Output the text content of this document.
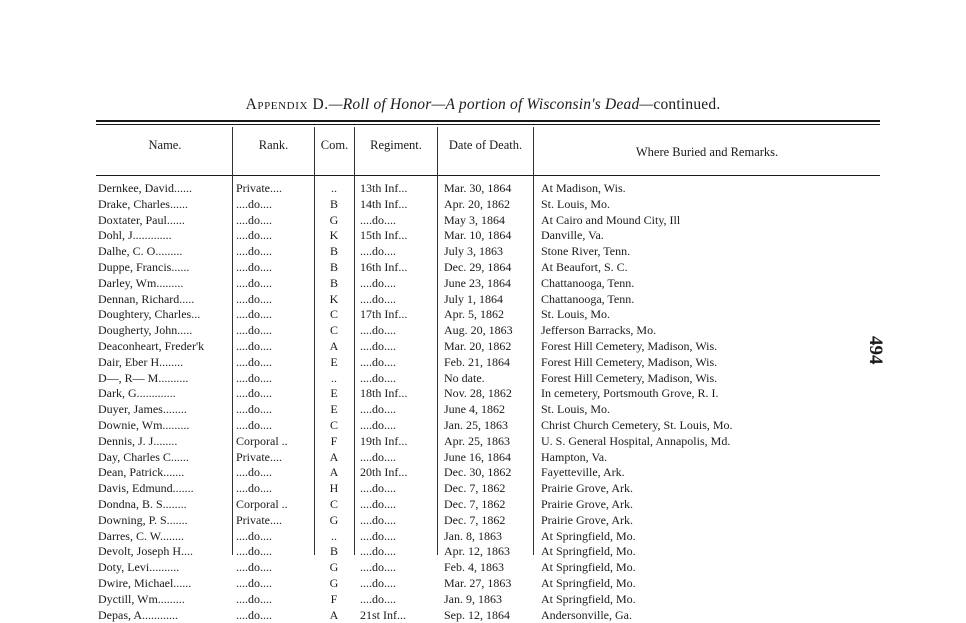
Appendix D.—Roll of Honor—A portion of Wisconsin's Dead—continued.
494
Name.	Rank.	Com.	Regiment.	Date of Death.	Where Buried and Remarks.
Dernkee, David......	Private....	..	13th Inf...	Mar. 30, 1864	At Madison, Wis.
Drake, Charles......	....do....	B	14th Inf...	Apr. 20, 1862	St. Louis, Mo.
Doxtater, Paul......	....do....	G	....do....	May 3, 1864	At Cairo and Mound City, Ill
Dohl, J.............	....do....	K	15th Inf...	Mar. 10, 1864	Danville, Va.
Dalhe, C. O.........	....do....	B	....do....	July 3, 1863	Stone River, Tenn.
Duppe, Francis......	....do....	B	16th Inf...	Dec. 29, 1864	At Beaufort, S. C.
Darley, Wm.........	....do....	B	....do....	June 23, 1864	Chattanooga, Tenn.
Dennan, Richard.....	....do....	K	....do....	July 1, 1864	Chattanooga, Tenn.
Doughtery, Charles...	....do....	C	17th Inf...	Apr. 5, 1862	St. Louis, Mo.
Dougherty, John.....	....do....	C	....do....	Aug. 20, 1863	Jefferson Barracks, Mo.
Deaconheart, Freder'k	....do....	A	....do....	Mar. 20, 1862	Forest Hill Cemetery, Madison, Wis.
Dair, Eber H........	....do....	E	....do....	Feb. 21, 1864	Forest Hill Cemetery, Madison, Wis.
D—, R— M..........	....do....	..	....do....	No date.	Forest Hill Cemetery, Madison, Wis.
Dark, G.............	....do....	E	18th Inf...	Nov. 28, 1862	In cemetery, Portsmouth Grove, R. I.
Duyer, James........	....do....	E	....do....	June 4, 1862	St. Louis, Mo.
Downie, Wm.........	....do....	C	....do....	Jan. 25, 1863	Christ Church Cemetery, St. Louis, Mo.
Dennis, J. J........	Corporal ..	F	19th Inf...	Apr. 25, 1863	U. S. General Hospital, Annapolis, Md.
Day, Charles C......	Private....	A	....do....	June 16, 1864	Hampton, Va.
Dean, Patrick.......	....do....	A	20th Inf...	Dec. 30, 1862	Fayetteville, Ark.
Davis, Edmund.......	....do....	H	....do....	Dec. 7, 1862	Prairie Grove, Ark.
Dondna, B. S........	Corporal ..	C	....do....	Dec. 7, 1862	Prairie Grove, Ark.
Downing, P. S.......	Private....	G	....do....	Dec. 7, 1862	Prairie Grove, Ark.
Darres, C. W........	....do....	..	....do....	Jan. 8, 1863	At Springfield, Mo.
Devolt, Joseph H....	....do....	B	....do....	Apr. 12, 1863	At Springfield, Mo.
Doty, Levi..........	....do....	G	....do....	Feb. 4, 1863	At Springfield, Mo.
Dwire, Michael......	....do....	G	....do....	Mar. 27, 1863	At Springfield, Mo.
Dyctill, Wm.........	....do....	F	....do....	Jan. 9, 1863	At Springfield, Mo.
Depas, A............	....do....	A	21st Inf...	Sep. 12, 1864	Andersonville, Ga.
